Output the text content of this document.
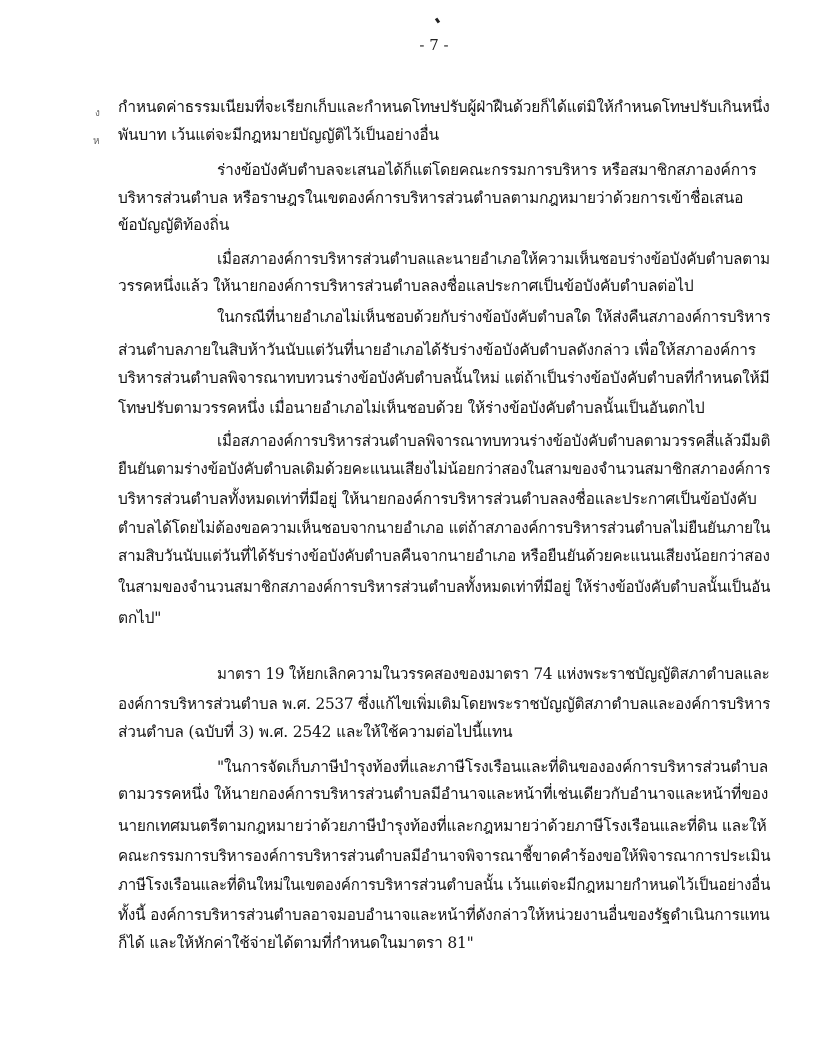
- 7 -
ง
ห
กำหนดค่าธรรมเนียมที่จะเรียกเก็บและกำหนดโทษปรับผู้ฝ่าฝืนด้วยก็ได้แต่มิให้กำหนดโทษปรับเกินหนึ่ง
พันบาท เว้นแต่จะมีกฎหมายบัญญัติไว้เป็นอย่างอื่น
ร่างข้อบังคับตำบลจะเสนอได้ก็แต่โดยคณะกรรมการบริหาร หรือสมาชิกสภาองค์การ
บริหารส่วนตำบล หรือราษฎรในเขตองค์การบริหารส่วนตำบลตามกฎหมายว่าด้วยการเข้าชื่อเสนอ
ข้อบัญญัติท้องถิ่น
เมื่อสภาองค์การบริหารส่วนตำบลและนายอำเภอให้ความเห็นชอบร่างข้อบังคับตำบลตาม
วรรคหนึ่งแล้ว ให้นายกองค์การบริหารส่วนตำบลลงชื่อแลประกาศเป็นข้อบังคับตำบลต่อไป
ในกรณีที่นายอำเภอไม่เห็นชอบด้วยกับร่างข้อบังคับตำบลใด ให้ส่งคืนสภาองค์การบริหาร
ส่วนตำบลภายในสิบห้าวันนับแต่วันที่นายอำเภอได้รับร่างข้อบังคับตำบลดังกล่าว เพื่อให้สภาองค์การ
บริหารส่วนตำบลพิจารณาทบทวนร่างข้อบังคับตำบลนั้นใหม่ แต่ถ้าเป็นร่างข้อบังคับตำบลที่กำหนดให้มี
โทษปรับตามวรรคหนึ่ง เมื่อนายอำเภอไม่เห็นชอบด้วย ให้ร่างข้อบังคับตำบลนั้นเป็นอันตกไป
เมื่อสภาองค์การบริหารส่วนตำบลพิจารณาทบทวนร่างข้อบังคับตำบลตามวรรคสี่แล้วมีมติ
ยืนยันตามร่างข้อบังคับตำบลเดิมด้วยคะแนนเสียงไม่น้อยกว่าสองในสามของจำนวนสมาชิกสภาองค์การ
บริหารส่วนตำบลทั้งหมดเท่าที่มีอยู่ ให้นายกองค์การบริหารส่วนตำบลลงชื่อและประกาศเป็นข้อบังคับ
ตำบลได้โดยไม่ต้องขอความเห็นชอบจากนายอำเภอ แต่ถ้าสภาองค์การบริหารส่วนตำบลไม่ยืนยันภายใน
สามสิบวันนับแต่วันที่ได้รับร่างข้อบังคับตำบลคืนจากนายอำเภอ หรือยืนยันด้วยคะแนนเสียงน้อยกว่าสอง
ในสามของจำนวนสมาชิกสภาองค์การบริหารส่วนตำบลทั้งหมดเท่าที่มีอยู่ ให้ร่างข้อบังคับตำบลนั้นเป็นอัน
ตกไป"
มาตรา 19 ให้ยกเลิกความในวรรคสองของมาตรา 74 แห่งพระราชบัญญัติสภาตำบลและ
องค์การบริหารส่วนตำบล พ.ศ. 2537 ซึ่งแก้ไขเพิ่มเติมโดยพระราชบัญญัติสภาตำบลและองค์การบริหาร
ส่วนตำบล (ฉบับที่ 3) พ.ศ. 2542 และให้ใช้ความต่อไปนี้แทน
"ในการจัดเก็บภาษีบำรุงท้องที่และภาษีโรงเรือนและที่ดินขององค์การบริหารส่วนตำบล
ตามวรรคหนึ่ง ให้นายกองค์การบริหารส่วนตำบลมีอำนาจและหน้าที่เช่นเดียวกับอำนาจและหน้าที่ของ
นายกเทศมนตรีตามกฎหมายว่าด้วยภาษีบำรุงท้องที่และกฎหมายว่าด้วยภาษีโรงเรือนและที่ดิน และให้
คณะกรรมการบริหารองค์การบริหารส่วนตำบลมีอำนาจพิจารณาชี้ขาดคำร้องขอให้พิจารณาการประเมิน
ภาษีโรงเรือนและที่ดินใหม่ในเขตองค์การบริหารส่วนตำบลนั้น เว้นแต่จะมีกฎหมายกำหนดไว้เป็นอย่างอื่น
ทั้งนี้ องค์การบริหารส่วนตำบลอาจมอบอำนาจและหน้าที่ดังกล่าวให้หน่วยงานอื่นของรัฐดำเนินการแทน
ก็ได้ และให้หักค่าใช้จ่ายได้ตามที่กำหนดในมาตรา 81"
